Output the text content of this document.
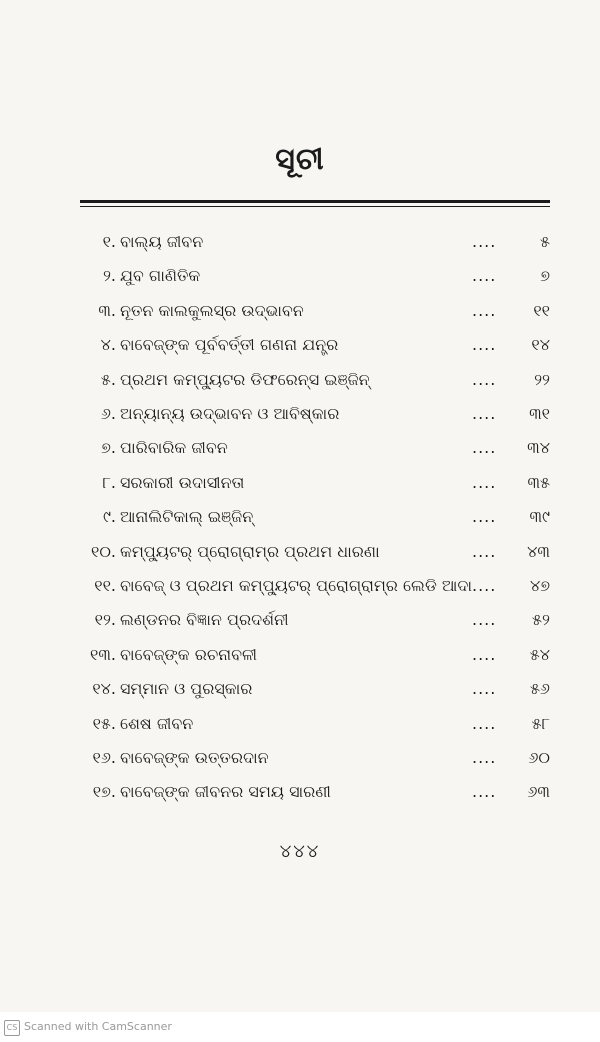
ସୂଚୀ
୧. ବାଲ୍ୟ ଜୀବନ	....	୫
୨. ଯୁବ ଗାଣିତିକ	....	୭
୩. ନୂତନ କାଲକୁଲସ୍‌ର ଉଦ୍ଭାବନ	....	୧୧
୪. ବାବେଜ୍‌ଙ୍କ ପୂର୍ବବର୍ତ୍ତୀ ଗଣନା ଯନ୍ତ୍ର	....	୧୪
୫. ପ୍ରଥମ କମ୍ପ୍ୟୁଟର ଡିଫରେନ୍‌ସ ଇଞ୍ଜିନ୍	....	୨୨
୬. ଅନ୍ୟାନ୍ୟ ଉଦ୍ଭାବନ ଓ ଆବିଷ୍କାର	....	୩୧
୭. ପାରିବାରିକ ଜୀବନ	....	୩୪
୮. ସରକାରୀ ଉଦାସୀନତା	....	୩୫
୯. ଆନାଲିଟିକାଲ୍ ଇଞ୍ଜିନ୍	....	୩୯
୧୦. କମ୍ପ୍ୟୁଟର୍ ପ୍ରୋଗ୍ରାମ୍‌ର ପ୍ରଥମ ଧାରଣା	....	୪୩
୧୧. ବାବେଜ୍ ଓ ପ୍ରଥମ କମ୍ପ୍ୟୁଟର୍ ପ୍ରୋଗ୍ରାମ୍‌ର ଲେଡି ଆଦା ....	୪୭
୧୨. ଲଣ୍ଡନର ବିଜ୍ଞାନ ପ୍ରଦର୍ଶନୀ	....	୫୨
୧୩. ବାବେଜ୍‌ଙ୍କ ରଚନାବଳୀ	....	୫୪
୧୪. ସମ୍ମାନ ଓ ପୁରସ୍କାର	....	୫୬
୧୫. ଶେଷ ଜୀବନ	....	୫୮
୧୬. ବାବେଜ୍‌ଙ୍କ ଉତ୍ତରଦାନ	....	୬୦
୧୭. ବାବେଜ୍‌ଙ୍କ ଜୀବନର ସମୟ ସାରଣୀ	....	୬୩
୪୪୪
CS Scanned with CamScanner
